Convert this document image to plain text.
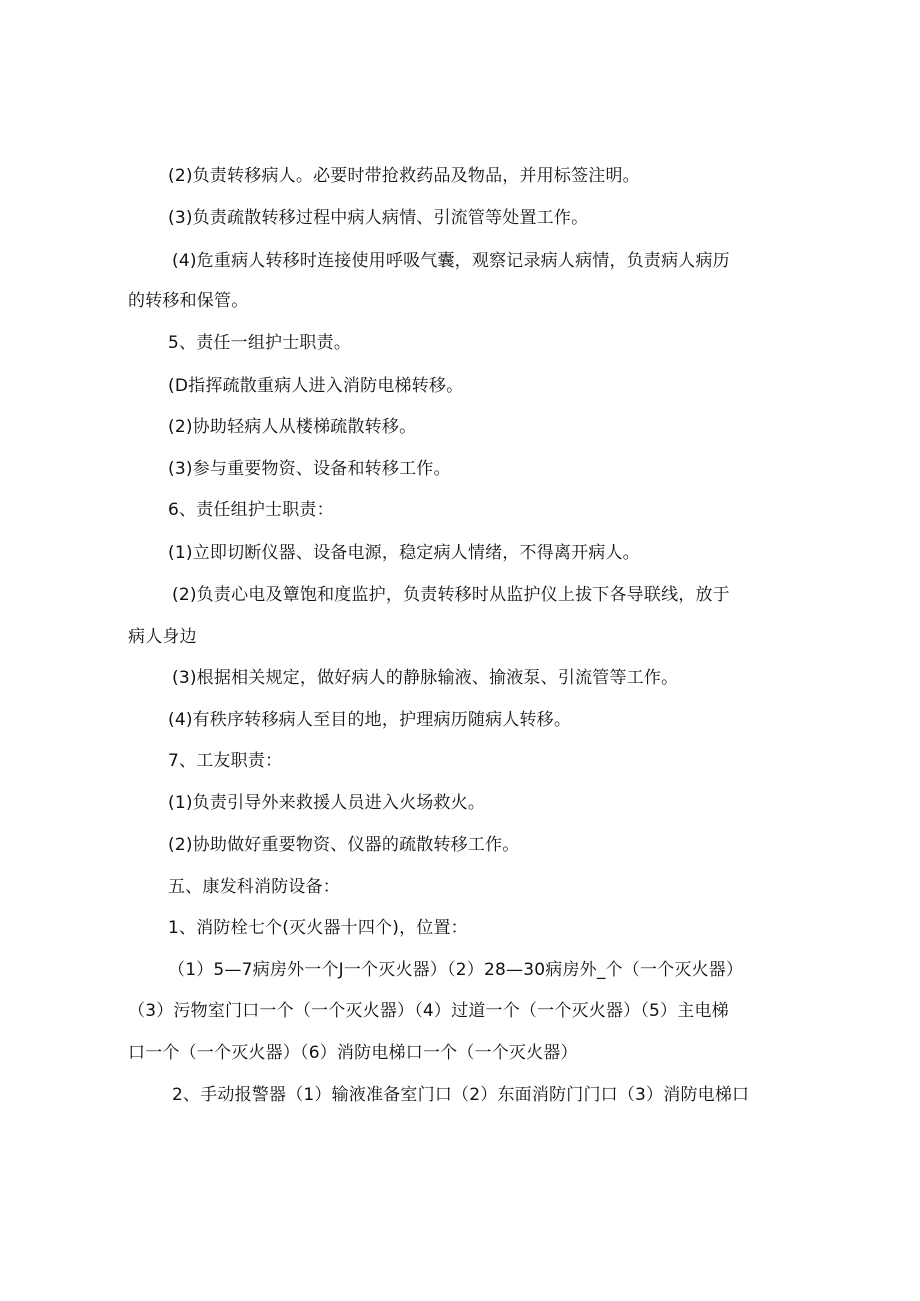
(2)负责转移病人。必要时带抢救药品及物品，并用标签注明。
(3)负责疏散转移过程中病人病情、引流管等处置工作。
(4)危重病人转移时连接使用呼吸气囊，观察记录病人病情，负责病人病历
的转移和保管。
5、责任一组护士职责。
(D指挥疏散重病人进入消防电梯转移。
(2)协助轻病人从楼梯疏散转移。
(3)参与重要物资、设备和转移工作。
6、责任组护士职责：
(1)立即切断仪器、设备电源，稳定病人情绪，不得离开病人。
(2)负责心电及簟饱和度监护，负责转移时从监护仪上拔下各导联线，放于
病人身边
(3)根据相关规定，做好病人的静脉输液、揄液泵、引流管等工作。
(4)有秩序转移病人至目的地，护理病历随病人转移。
7、工友职责：
(1)负责引导外来救援人员进入火场救火。
(2)协助做好重要物资、仪器的疏散转移工作。
五、康发科消防设备：
1、消防栓七个(灭火器十四个)，位置：
（1）5—7病房外一个J一个灭火器）（2）28—30病房外_个（一个灭火器）
（3）污物室门口一个（一个灭火器）（4）过道一个（一个灭火器）（5）主电梯
口一个（一个灭火器）（6）消防电梯口一个（一个灭火器）
2、手动报警器（1）输液准备室门口（2）东面消防门门口（3）消防电梯口
